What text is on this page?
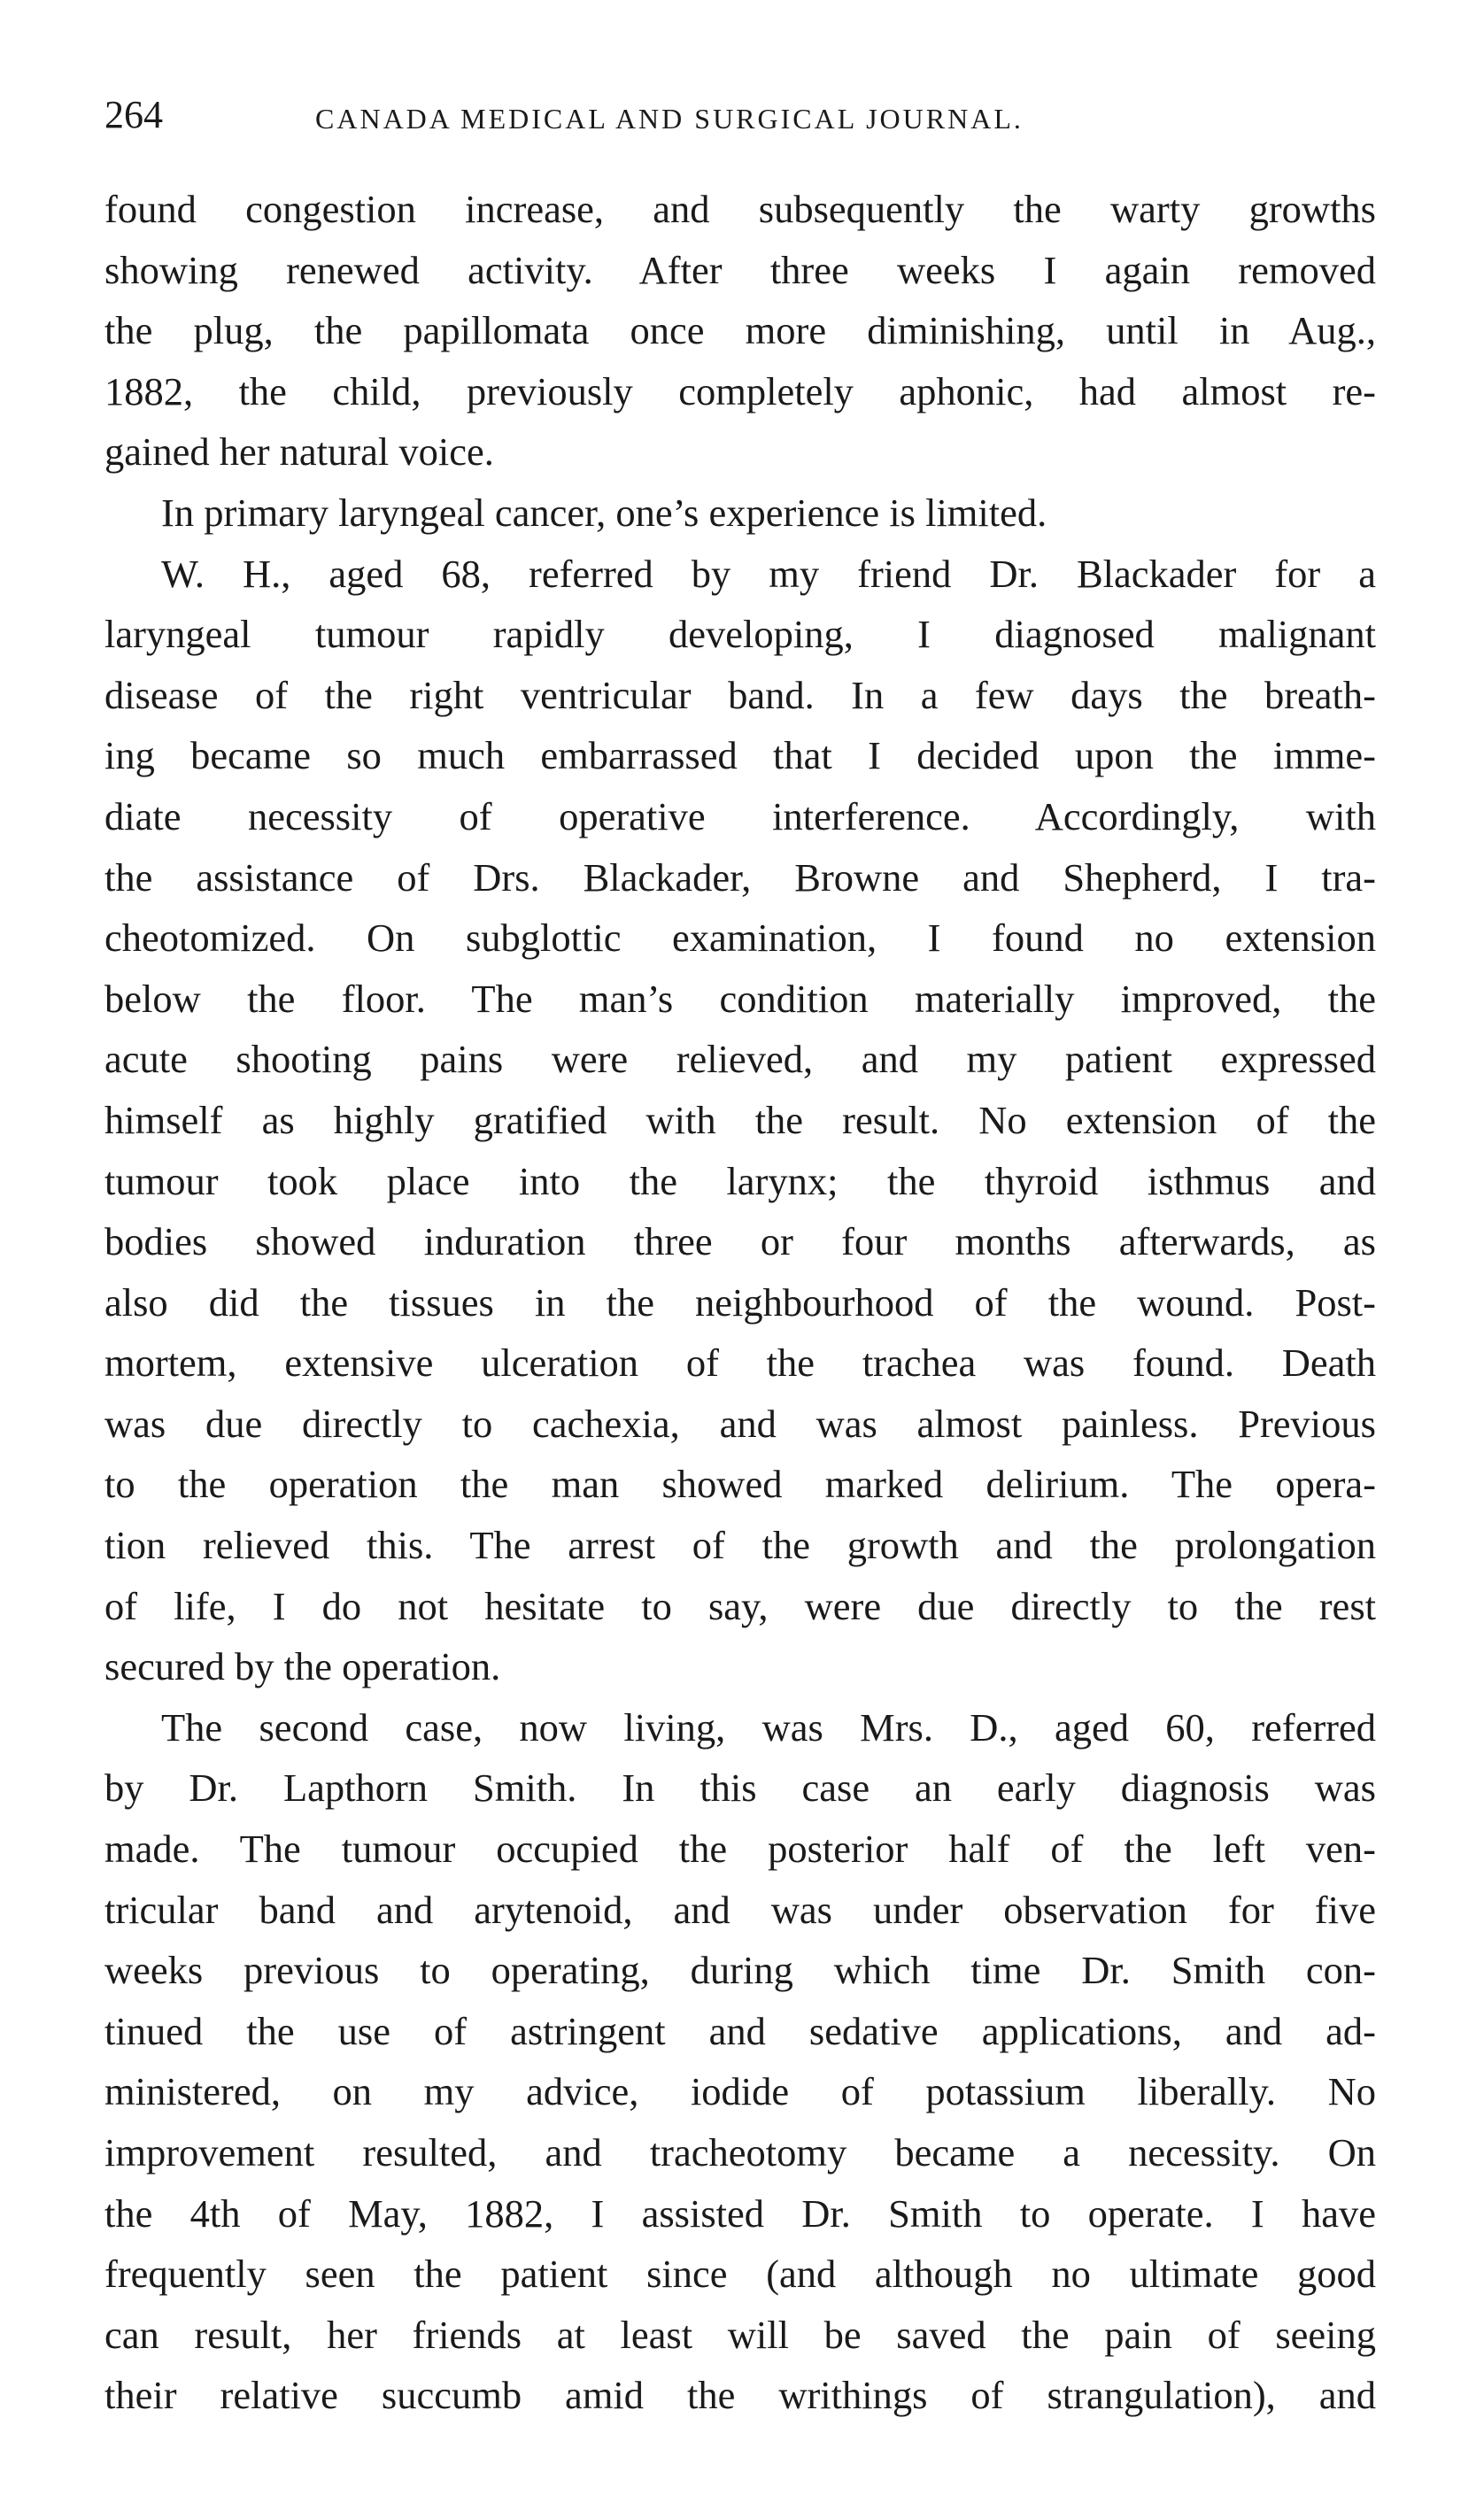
264	CANADA MEDICAL AND SURGICAL JOURNAL.
found congestion increase, and subsequently the warty growths
showing renewed activity. After three weeks I again removed
the plug, the papillomata once more diminishing, until in Aug.,
1882, the child, previously completely aphonic, had almost re-
gained her natural voice.
In primary laryngeal cancer, one’s experience is limited.
W. H., aged 68, referred by my friend Dr. Blackader for a
laryngeal tumour rapidly developing, I diagnosed malignant
disease of the right ventricular band. In a few days the breath-
ing became so much embarrassed that I decided upon the imme-
diate necessity of operative interference. Accordingly, with
the assistance of Drs. Blackader, Browne and Shepherd, I tra-
cheotomized. On subglottic examination, I found no extension
below the floor. The man’s condition materially improved, the
acute shooting pains were relieved, and my patient expressed
himself as highly gratified with the result. No extension of the
tumour took place into the larynx; the thyroid isthmus and
bodies showed induration three or four months afterwards, as
also did the tissues in the neighbourhood of the wound. Post-
mortem, extensive ulceration of the trachea was found. Death
was due directly to cachexia, and was almost painless. Previous
to the operation the man showed marked delirium. The opera-
tion relieved this. The arrest of the growth and the prolongation
of life, I do not hesitate to say, were due directly to the rest
secured by the operation.
The second case, now living, was Mrs. D., aged 60, referred
by Dr. Lapthorn Smith. In this case an early diagnosis was
made. The tumour occupied the posterior half of the left ven-
tricular band and arytenoid, and was under observation for five
weeks previous to operating, during which time Dr. Smith con-
tinued the use of astringent and sedative applications, and ad-
ministered, on my advice, iodide of potassium liberally. No
improvement resulted, and tracheotomy became a necessity. On
the 4th of May, 1882, I assisted Dr. Smith to operate. I have
frequently seen the patient since (and although no ultimate good
can result, her friends at least will be saved the pain of seeing
their relative succumb amid the writhings of strangulation), and
